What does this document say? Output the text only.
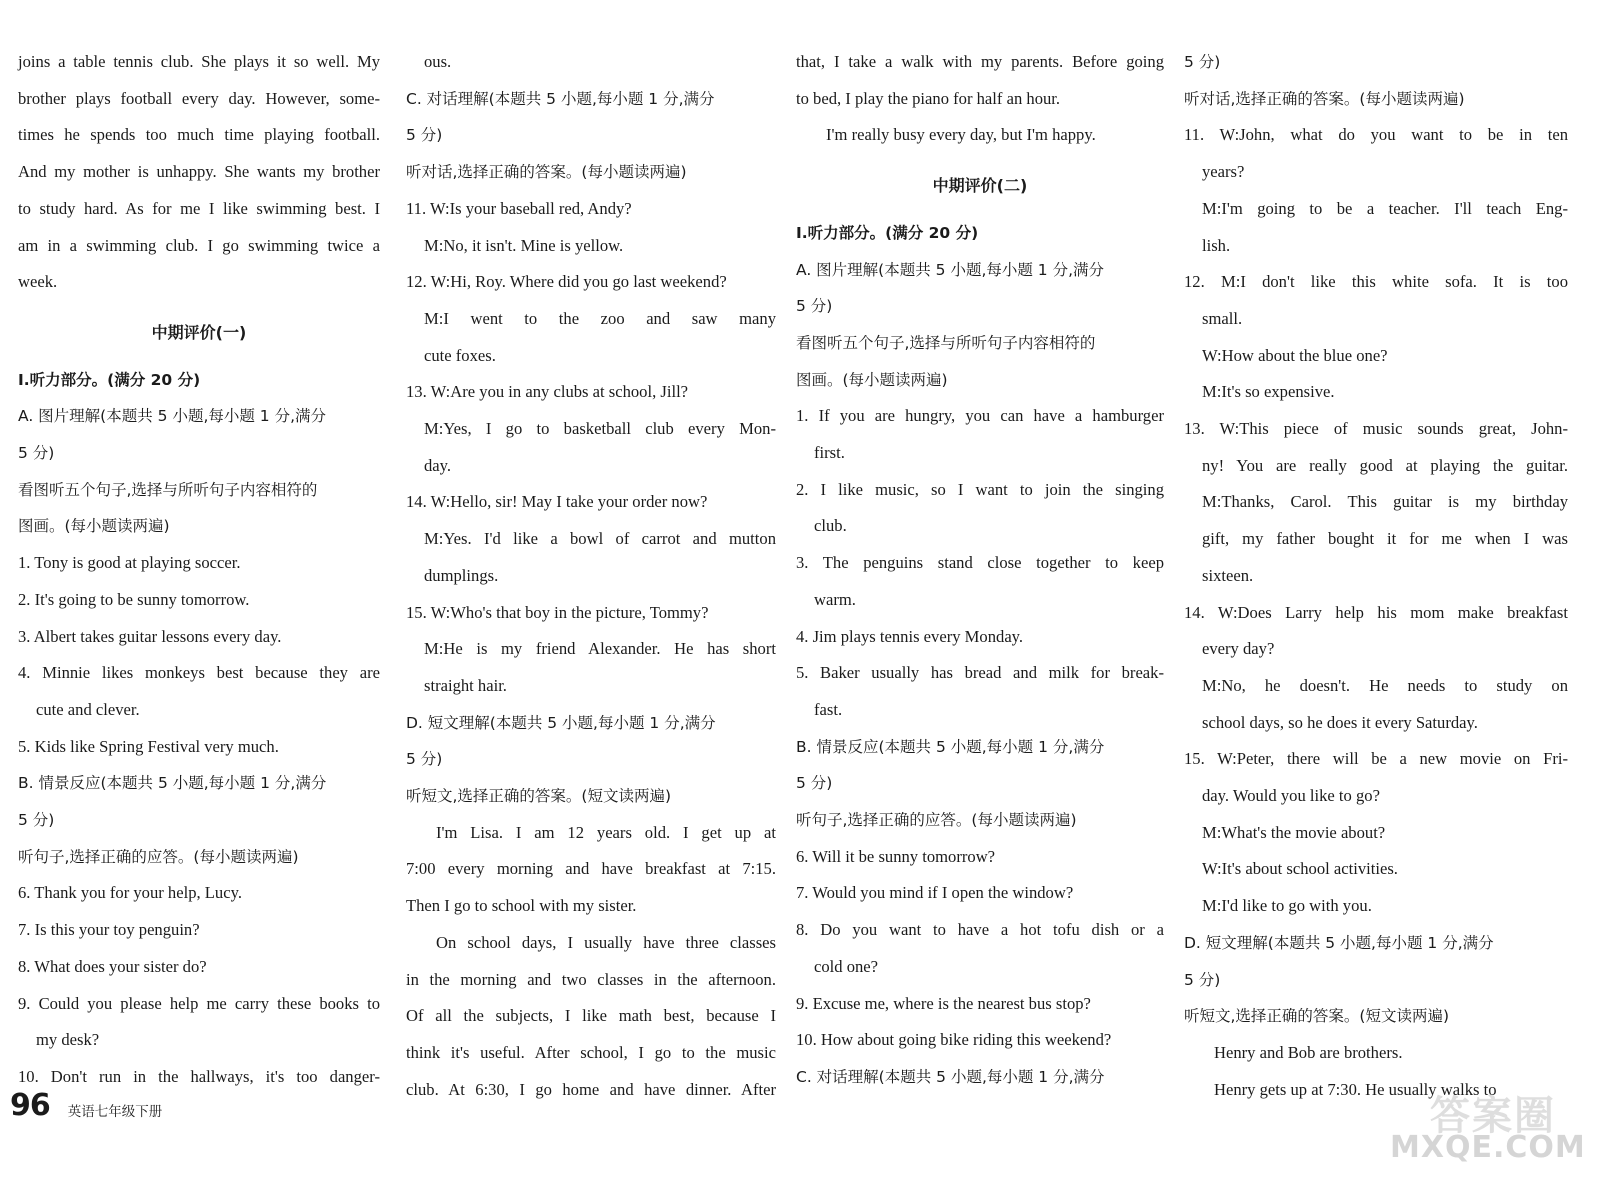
joins a table tennis club. She plays it so well. My
brother plays football every day. However, some-
times he spends too much time playing football.
And my mother is unhappy. She wants my brother
to study hard. As for me I like swimming best. I
am in a swimming club. I go swimming twice a
week.
中期评价(一)
Ⅰ.听力部分。(满分 20 分)
A. 图片理解(本题共 5 小题,每小题 1 分,满分
5 分)
看图听五个句子,选择与所听句子内容相符的
图画。(每小题读两遍)
1. Tony is good at playing soccer.
2. It's going to be sunny tomorrow.
3. Albert takes guitar lessons every day.
4. Minnie likes monkeys best because they are
cute and clever.
5. Kids like Spring Festival very much.
B. 情景反应(本题共 5 小题,每小题 1 分,满分
5 分)
听句子,选择正确的应答。(每小题读两遍)
6. Thank you for your help, Lucy.
7. Is this your toy penguin?
8. What does your sister do?
9. Could you please help me carry these books to
my desk?
10. Don't run in the hallways, it's too danger-
ous.
C. 对话理解(本题共 5 小题,每小题 1 分,满分
5 分)
听对话,选择正确的答案。(每小题读两遍)
11. W:Is your baseball red, Andy?
M:No, it isn't. Mine is yellow.
12. W:Hi, Roy. Where did you go last weekend?
M:I went to the zoo and saw many
cute foxes.
13. W:Are you in any clubs at school, Jill?
M:Yes, I go to basketball club every Mon-
day.
14. W:Hello, sir! May I take your order now?
M:Yes. I'd like a bowl of carrot and mutton
dumplings.
15. W:Who's that boy in the picture, Tommy?
M:He is my friend Alexander. He has short
straight hair.
D. 短文理解(本题共 5 小题,每小题 1 分,满分
5 分)
听短文,选择正确的答案。(短文读两遍)
I'm Lisa. I am 12 years old. I get up at
7:00 every morning and have breakfast at 7:15.
Then I go to school with my sister.
On school days, I usually have three classes
in the morning and two classes in the afternoon.
Of all the subjects, I like math best, because I
think it's useful. After school, I go to the music
club. At 6:30, I go home and have dinner. After
that, I take a walk with my parents. Before going
to bed, I play the piano for half an hour.
I'm really busy every day, but I'm happy.
中期评价(二)
Ⅰ.听力部分。(满分 20 分)
A. 图片理解(本题共 5 小题,每小题 1 分,满分
5 分)
看图听五个句子,选择与所听句子内容相符的
图画。(每小题读两遍)
1. If you are hungry, you can have a hamburger
first.
2. I like music, so I want to join the singing
club.
3. The penguins stand close together to keep
warm.
4. Jim plays tennis every Monday.
5. Baker usually has bread and milk for break-
fast.
B. 情景反应(本题共 5 小题,每小题 1 分,满分
5 分)
听句子,选择正确的应答。(每小题读两遍)
6. Will it be sunny tomorrow?
7. Would you mind if I open the window?
8. Do you want to have a hot tofu dish or a
cold one?
9. Excuse me, where is the nearest bus stop?
10. How about going bike riding this weekend?
C. 对话理解(本题共 5 小题,每小题 1 分,满分
5 分)
听对话,选择正确的答案。(每小题读两遍)
11. W:John, what do you want to be in ten
years?
M:I'm going to be a teacher. I'll teach Eng-
lish.
12. M:I don't like this white sofa. It is too
small.
W:How about the blue one?
M:It's so expensive.
13. W:This piece of music sounds great, John-
ny! You are really good at playing the guitar.
M:Thanks, Carol. This guitar is my birthday
gift, my father bought it for me when I was
sixteen.
14. W:Does Larry help his mom make breakfast
every day?
M:No, he doesn't. He needs to study on
school days, so he does it every Saturday.
15. W:Peter, there will be a new movie on Fri-
day. Would you like to go?
M:What's the movie about?
W:It's about school activities.
M:I'd like to go with you.
D. 短文理解(本题共 5 小题,每小题 1 分,满分
5 分)
听短文,选择正确的答案。(短文读两遍)
Henry and Bob are brothers.
Henry gets up at 7:30. He usually walks to
96 英语七年级下册	答案圈
MXQE.COM
